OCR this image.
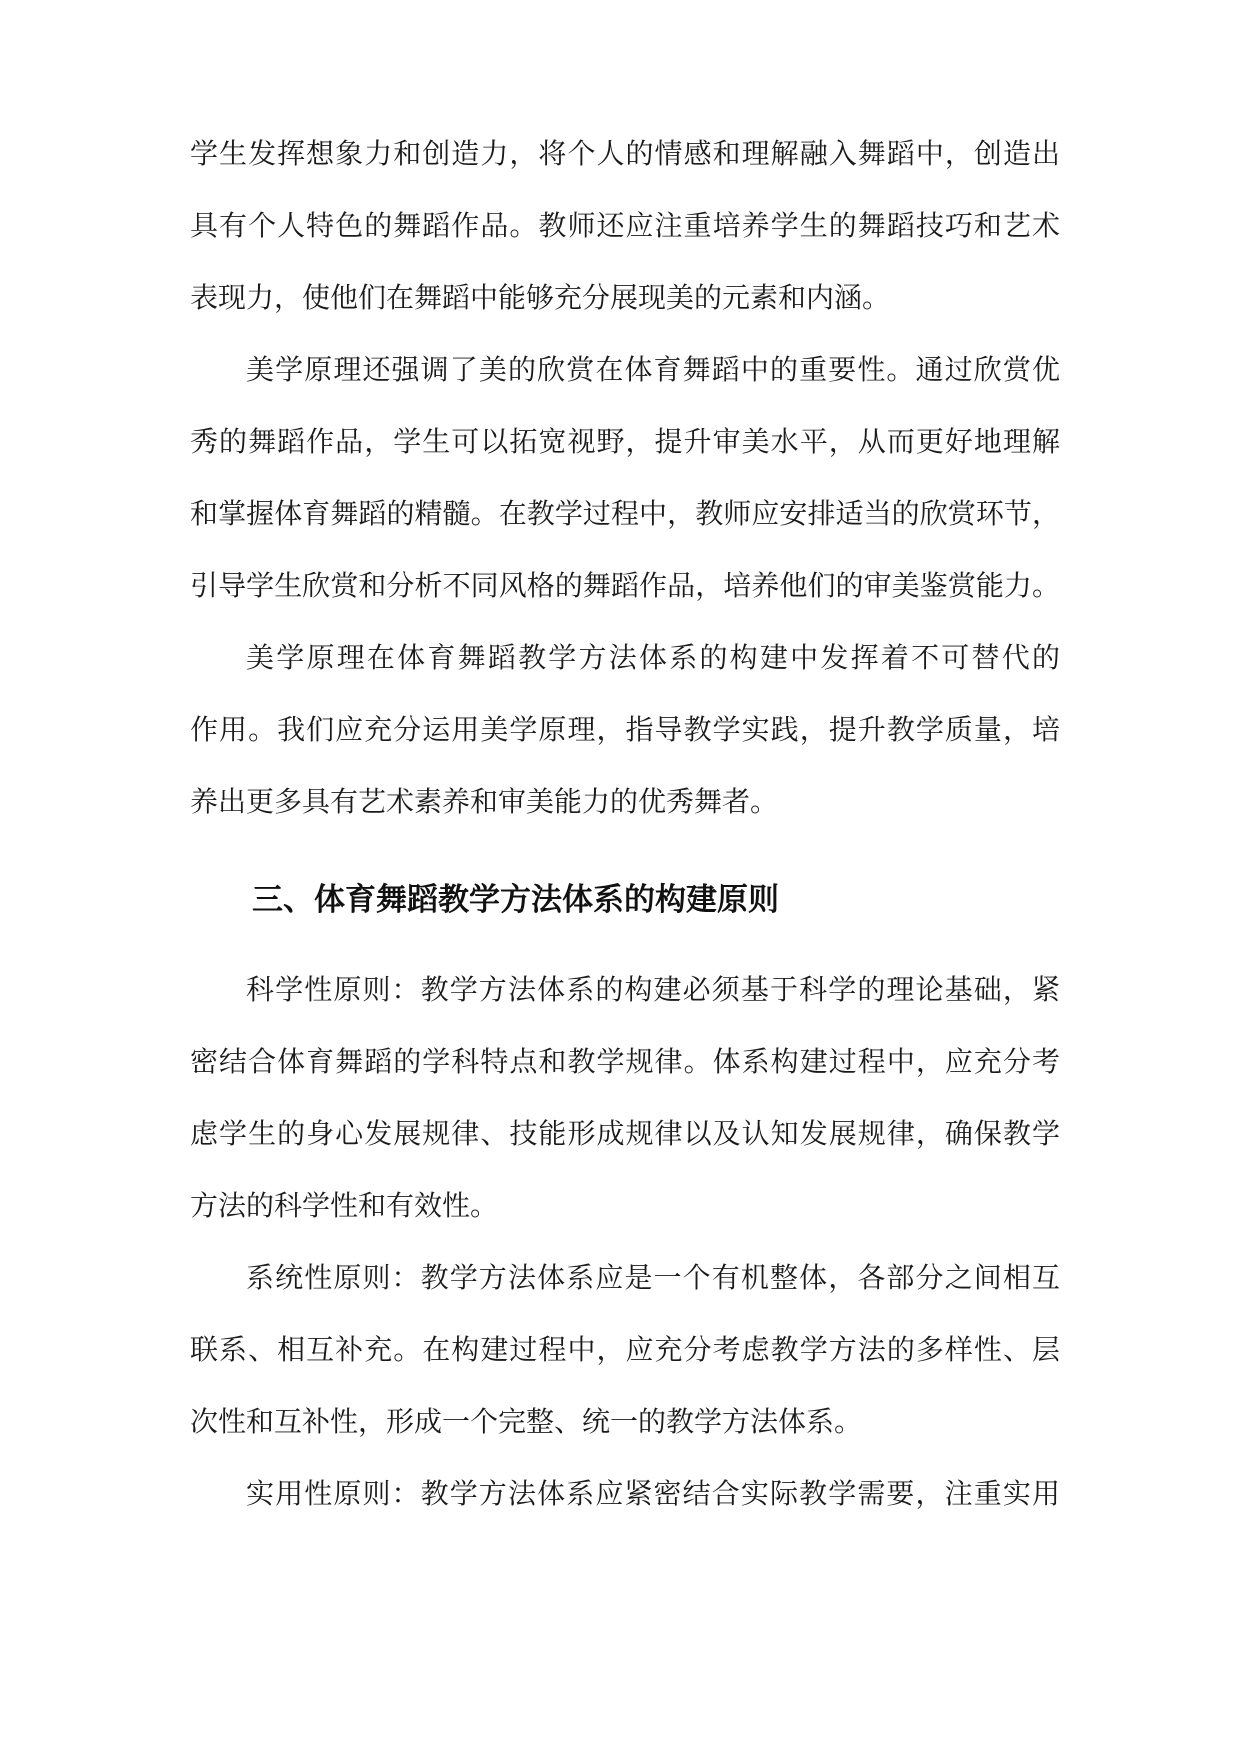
学生发挥想象力和创造力，将个人的情感和理解融入舞蹈中，创造出
具有个人特色的舞蹈作品。教师还应注重培养学生的舞蹈技巧和艺术
表现力，使他们在舞蹈中能够充分展现美的元素和内涵。
美学原理还强调了美的欣赏在体育舞蹈中的重要性。通过欣赏优
秀的舞蹈作品，学生可以拓宽视野，提升审美水平，从而更好地理解
和掌握体育舞蹈的精髓。在教学过程中，教师应安排适当的欣赏环节，
引导学生欣赏和分析不同风格的舞蹈作品，培养他们的审美鉴赏能力。
美学原理在体育舞蹈教学方法体系的构建中发挥着不可替代的
作用。我们应充分运用美学原理，指导教学实践，提升教学质量，培
养出更多具有艺术素养和审美能力的优秀舞者。
三、体育舞蹈教学方法体系的构建原则
科学性原则：教学方法体系的构建必须基于科学的理论基础，紧
密结合体育舞蹈的学科特点和教学规律。体系构建过程中，应充分考
虑学生的身心发展规律、技能形成规律以及认知发展规律，确保教学
方法的科学性和有效性。
系统性原则：教学方法体系应是一个有机整体，各部分之间相互
联系、相互补充。在构建过程中，应充分考虑教学方法的多样性、层
次性和互补性，形成一个完整、统一的教学方法体系。
实用性原则：教学方法体系应紧密结合实际教学需要，注重实用
